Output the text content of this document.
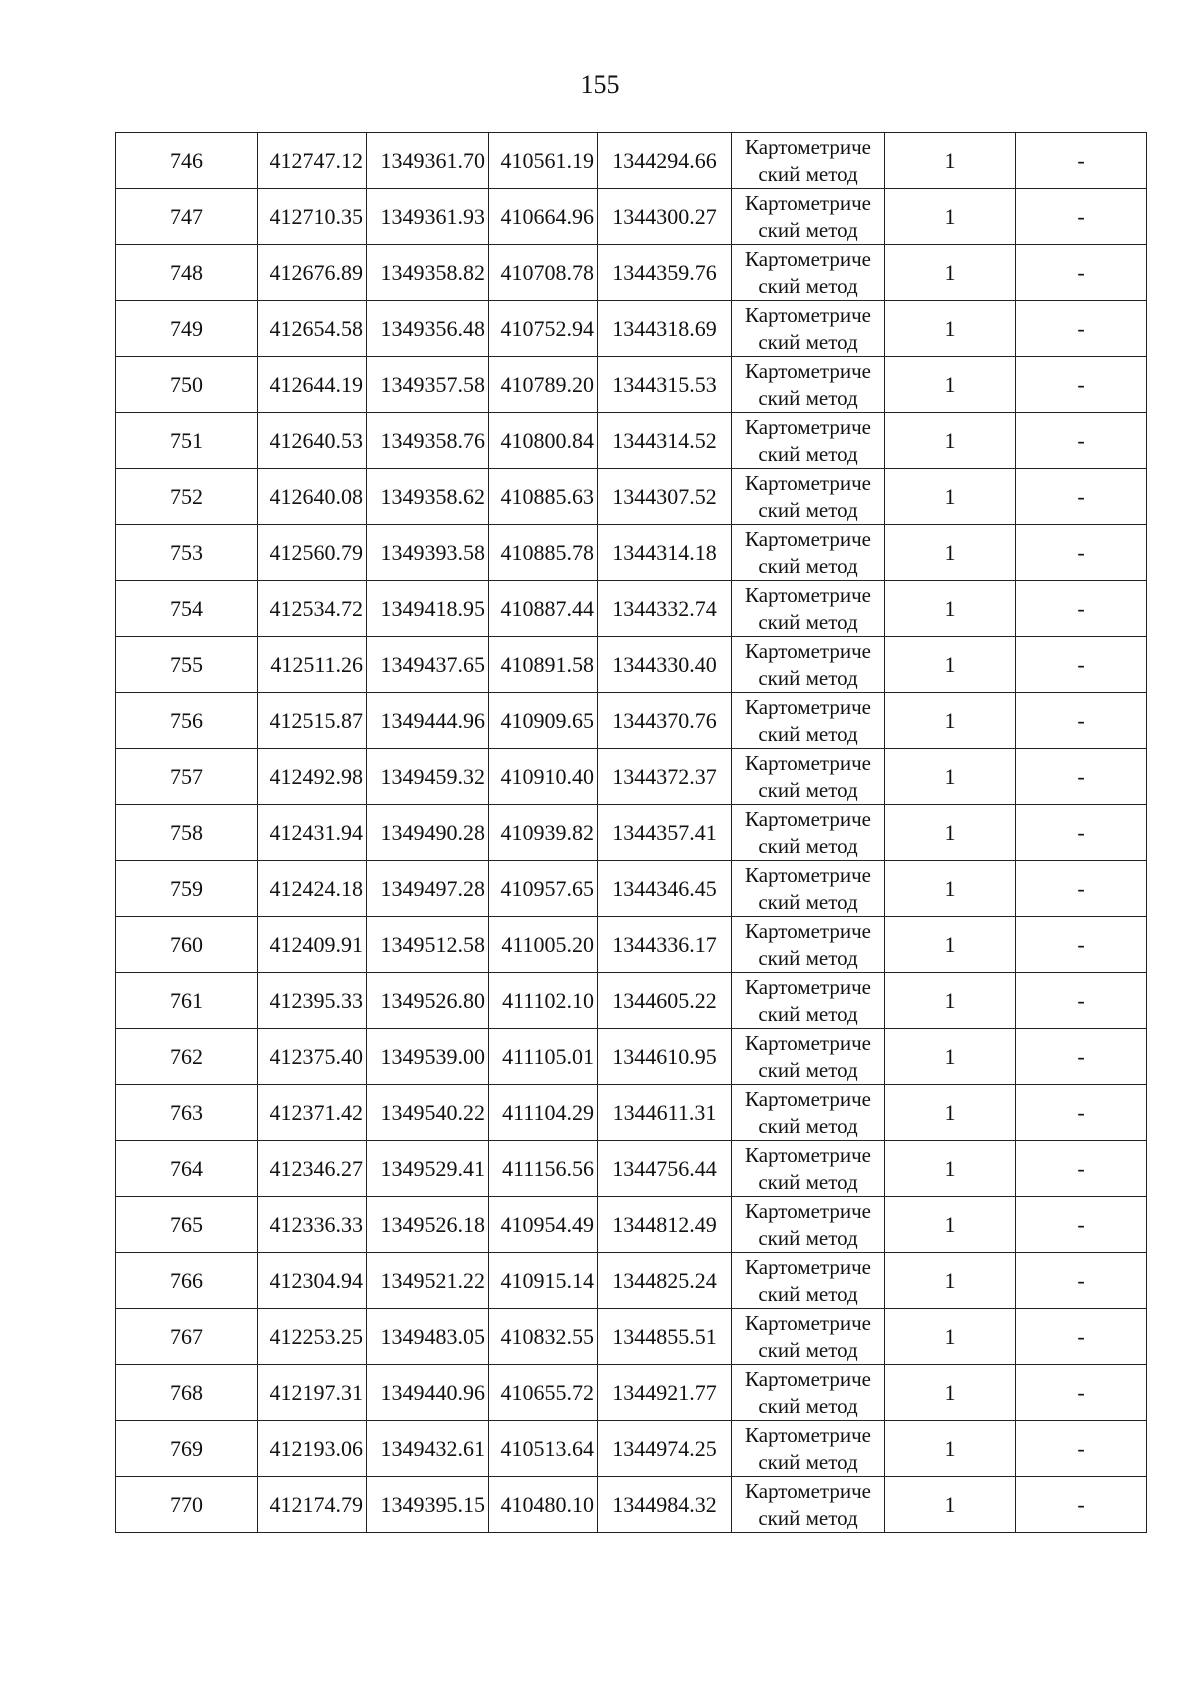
155
746	412747.12	1349361.70	410561.19	1344294.66	Картометриче
ский метод	1	-
747	412710.35	1349361.93	410664.96	1344300.27	Картометриче
ский метод	1	-
748	412676.89	1349358.82	410708.78	1344359.76	Картометриче
ский метод	1	-
749	412654.58	1349356.48	410752.94	1344318.69	Картометриче
ский метод	1	-
750	412644.19	1349357.58	410789.20	1344315.53	Картометриче
ский метод	1	-
751	412640.53	1349358.76	410800.84	1344314.52	Картометриче
ский метод	1	-
752	412640.08	1349358.62	410885.63	1344307.52	Картометриче
ский метод	1	-
753	412560.79	1349393.58	410885.78	1344314.18	Картометриче
ский метод	1	-
754	412534.72	1349418.95	410887.44	1344332.74	Картометриче
ский метод	1	-
755	412511.26	1349437.65	410891.58	1344330.40	Картометриче
ский метод	1	-
756	412515.87	1349444.96	410909.65	1344370.76	Картометриче
ский метод	1	-
757	412492.98	1349459.32	410910.40	1344372.37	Картометриче
ский метод	1	-
758	412431.94	1349490.28	410939.82	1344357.41	Картометриче
ский метод	1	-
759	412424.18	1349497.28	410957.65	1344346.45	Картометриче
ский метод	1	-
760	412409.91	1349512.58	411005.20	1344336.17	Картометриче
ский метод	1	-
761	412395.33	1349526.80	411102.10	1344605.22	Картометриче
ский метод	1	-
762	412375.40	1349539.00	411105.01	1344610.95	Картометриче
ский метод	1	-
763	412371.42	1349540.22	411104.29	1344611.31	Картометриче
ский метод	1	-
764	412346.27	1349529.41	411156.56	1344756.44	Картометриче
ский метод	1	-
765	412336.33	1349526.18	410954.49	1344812.49	Картометриче
ский метод	1	-
766	412304.94	1349521.22	410915.14	1344825.24	Картометриче
ский метод	1	-
767	412253.25	1349483.05	410832.55	1344855.51	Картометриче
ский метод	1	-
768	412197.31	1349440.96	410655.72	1344921.77	Картометриче
ский метод	1	-
769	412193.06	1349432.61	410513.64	1344974.25	Картометриче
ский метод	1	-
770	412174.79	1349395.15	410480.10	1344984.32	Картометриче
ский метод	1	-
